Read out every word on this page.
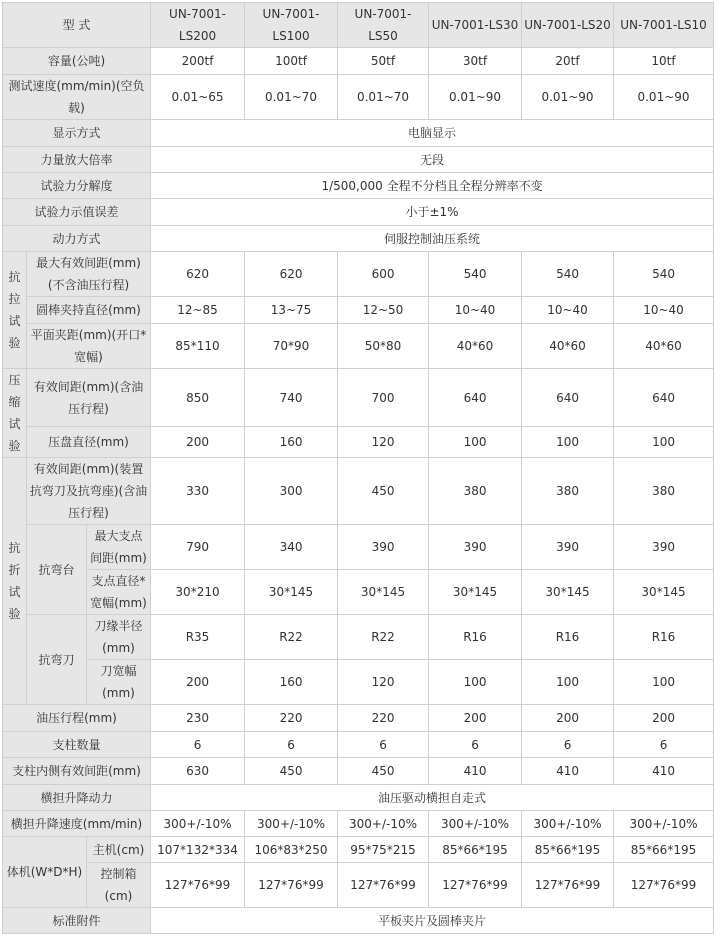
型 式			UN-7001-LS200	UN-7001-LS100	UN-7001-LS50	UN-7001-LS30	UN-7001-LS20	UN-7001-LS10
容量(公吨)			200tf	100tf	50tf	30tf	20tf	10tf
测试速度(mm/min)(空负载)			0.01~65	0.01~70	0.01~70	0.01~90	0.01~90	0.01~90
显示方式			电脑显示					
力量放大倍率			无段					
试验力分解度			1/500,000 全程不分档且全程分辨率不变					
试验力示值误差			小于±1%					
动力方式			伺服控制油压系统					
抗拉试验	最大有效间距(mm)(不含油压行程)		620	620	600	540	540	540
	圆棒夹持直径(mm)		12~85	13~75	12~50	10~40	10~40	10~40
	平面夹距(mm)(开口*宽幅)		85*110	70*90	50*80	40*60	40*60	40*60
压缩试验	有效间距(mm)(含油压行程)		850	740	700	640	640	640
	压盘直径(mm)		200	160	120	100	100	100
抗折试验	有效间距(mm)(装置抗弯刀及抗弯座)(含油压行程)		330	300	450	380	380	380
	抗弯台	最大支点间距(mm)	790	340	390	390	390	390
		支点直径*宽幅(mm)	30*210	30*145	30*145	30*145	30*145	30*145
	抗弯刀	刀缘半径(mm)	R35	R22	R22	R16	R16	R16
		刀宽幅(mm)	200	160	120	100	100	100
油压行程(mm)			230	220	220	200	200	200
支柱数量			6	6	6	6	6	6
支柱内侧有效间距(mm)			630	450	450	410	410	410
横担升降动力			油压驱动横担自走式					
横担升降速度(mm/min)			300+/-10%	300+/-10%	300+/-10%	300+/-10%	300+/-10%	300+/-10%
体机(W*D*H)		主机(cm)	107*132*334	106*83*250	95*75*215	85*66*195	85*66*195	85*66*195
		控制箱(cm)	127*76*99	127*76*99	127*76*99	127*76*99	127*76*99	127*76*99
标准附件			平板夹片及圆棒夹片					
